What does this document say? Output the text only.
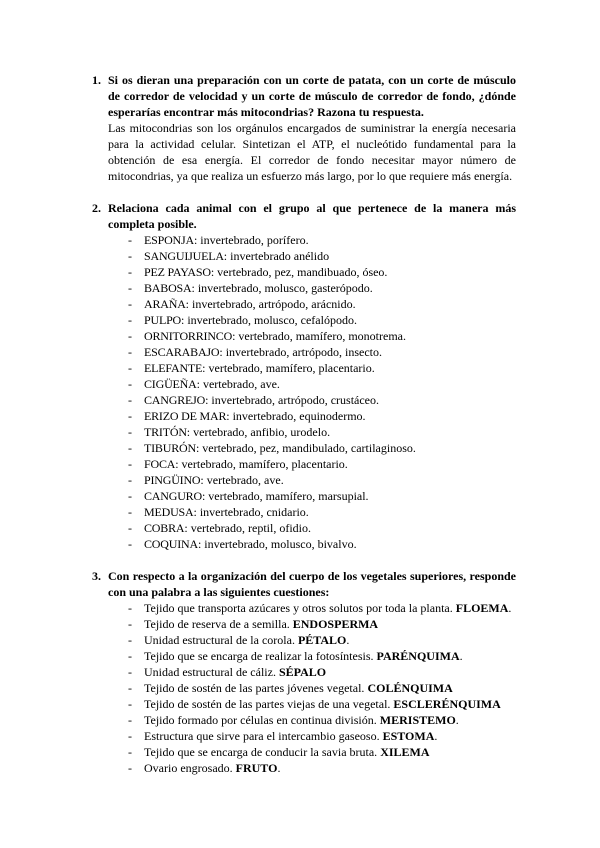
1. Si os dieran una preparación con un corte de patata, con un corte de músculo de corredor de velocidad y un corte de músculo de corredor de fondo, ¿dónde esperarías encontrar más mitocondrias? Razona tu respuesta.

Las mitocondrias son los orgánulos encargados de suministrar la energía necesaria para la actividad celular. Sintetizan el ATP, el nucleótido fundamental para la obtención de esa energía. El corredor de fondo necesitar mayor número de mitocondrias, ya que realiza un esfuerzo más largo, por lo que requiere más energía.

2. Relaciona cada animal con el grupo al que pertenece de la manera más completa posible.
- ESPONJA: invertebrado, porífero.
- SANGUIJUELA: invertebrado anélido
- PEZ PAYASO: vertebrado, pez, mandibuado, óseo.
- BABOSA: invertebrado, molusco, gasterópodo.
- ARAÑA: invertebrado, artrópodo, arácnido.
- PULPO: invertebrado, molusco, cefalópodo.
- ORNITORRINCO: vertebrado, mamífero, monotrema.
- ESCARABAJO: invertebrado, artrópodo, insecto.
- ELEFANTE: vertebrado, mamífero, placentario.
- CIGÜEÑA: vertebrado, ave.
- CANGREJO: invertebrado, artrópodo, crustáceo.
- ERIZO DE MAR: invertebrado, equinodermo.
- TRITÓN: vertebrado, anfibio, urodelo.
- TIBURÓN: vertebrado, pez, mandibulado, cartilaginoso.
- FOCA: vertebrado, mamífero, placentario.
- PINGÜINO: vertebrado, ave.
- CANGURO: vertebrado, mamífero, marsupial.
- MEDUSA: invertebrado, cnidario.
- COBRA: vertebrado, reptil, ofidio.
- COQUINA: invertebrado, molusco, bivalvo.
3. Con respecto a la organización del cuerpo de los vegetales superiores, responde con una palabra a las siguientes cuestiones:
- Tejido que transporta azúcares y otros solutos por toda la planta. FLOEMA.
- Tejido de reserva de a semilla. ENDOSPERMA
- Unidad estructural de la corola. PÉTALO.
- Tejido que se encarga de realizar la fotosíntesis. PARÉNQUIMA.
- Unidad estructural de cáliz. SÉPALO
- Tejido de sostén de las partes jóvenes vegetal. COLÉNQUIMA
- Tejido de sostén de las partes viejas de una vegetal. ESCLERÉNQUIMA
- Tejido formado por células en continua división. MERISTEMO.
- Estructura que sirve para el intercambio gaseoso. ESTOMA.
- Tejido que se encarga de conducir la savia bruta. XILEMA
- Ovario engrosado. FRUTO.
